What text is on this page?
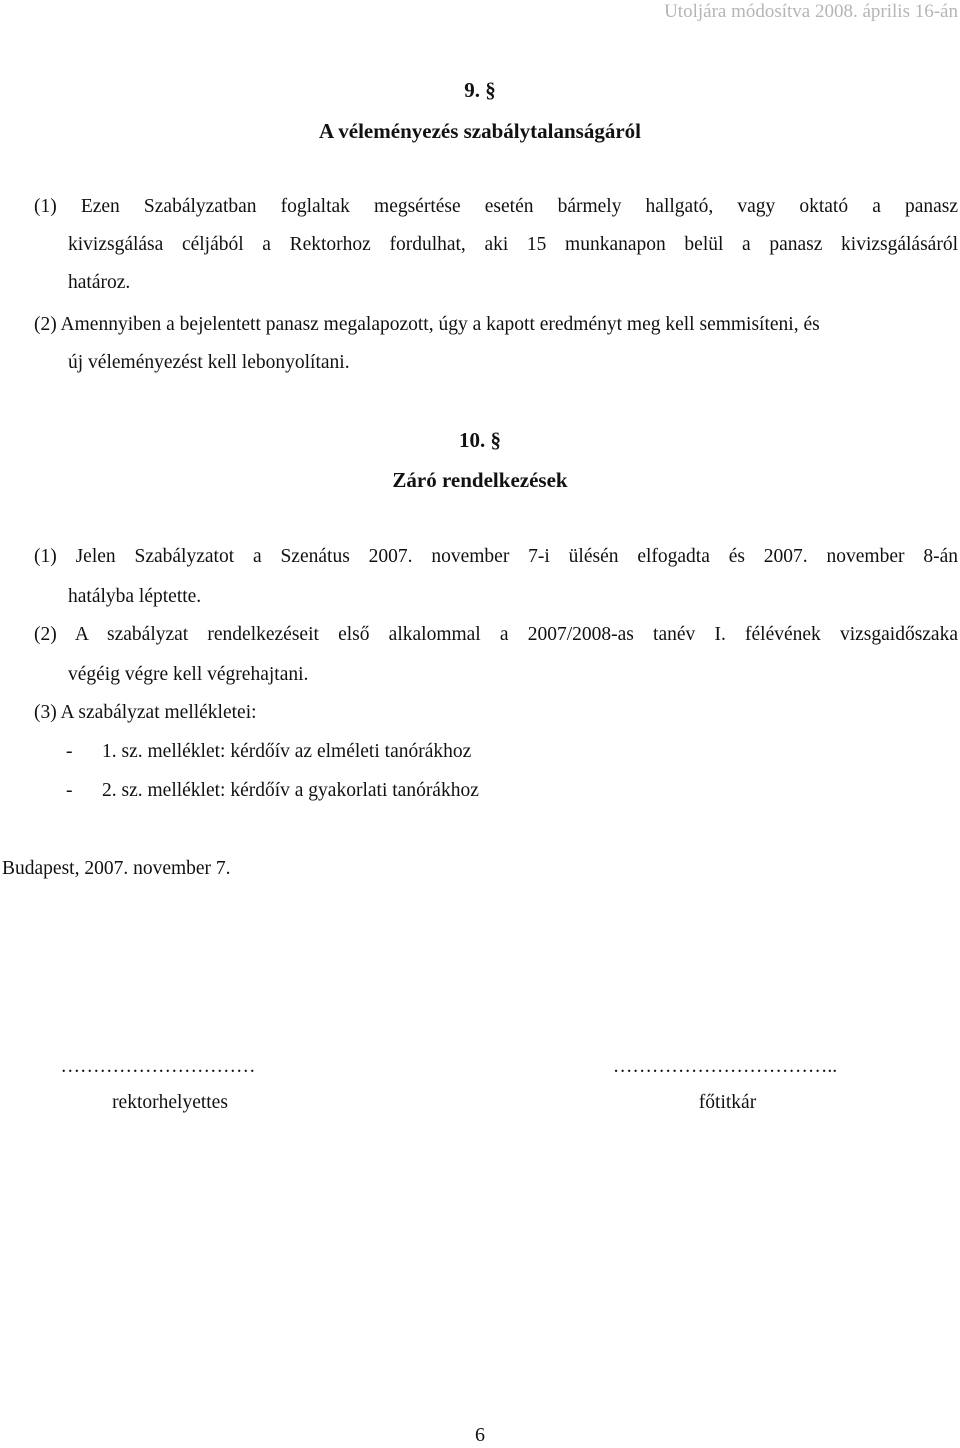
Utoljára módosítva 2008. április 16-án
9. §
A véleményezés szabálytalanságáról
(1) Ezen Szabályzatban foglaltak megsértése esetén bármely hallgató, vagy oktató a panasz
kivizsgálása céljából a Rektorhoz fordulhat, aki 15 munkanapon belül a panasz kivizsgálásáról
határoz.
(2) Amennyiben a bejelentett panasz megalapozott, úgy a kapott eredményt meg kell semmisíteni, és
új véleményezést kell lebonyolítani.
10. §
Záró rendelkezések
(1) Jelen Szabályzatot a Szenátus 2007. november 7-i ülésén elfogadta és 2007. november 8-án
hatályba léptette.
(2) A szabályzat rendelkezéseit első alkalommal a 2007/2008-as tanév I. félévének vizsgaidőszaka
végéig végre kell végrehajtani.
(3) A szabályzat mellékletei:
- 1. sz. melléklet: kérdőív az elméleti tanórákhoz
- 2. sz. melléklet: kérdőív a gyakorlati tanórákhoz
Budapest, 2007. november 7.
…………………………
rektorhelyettes
……………………………..
főtitkár
6
